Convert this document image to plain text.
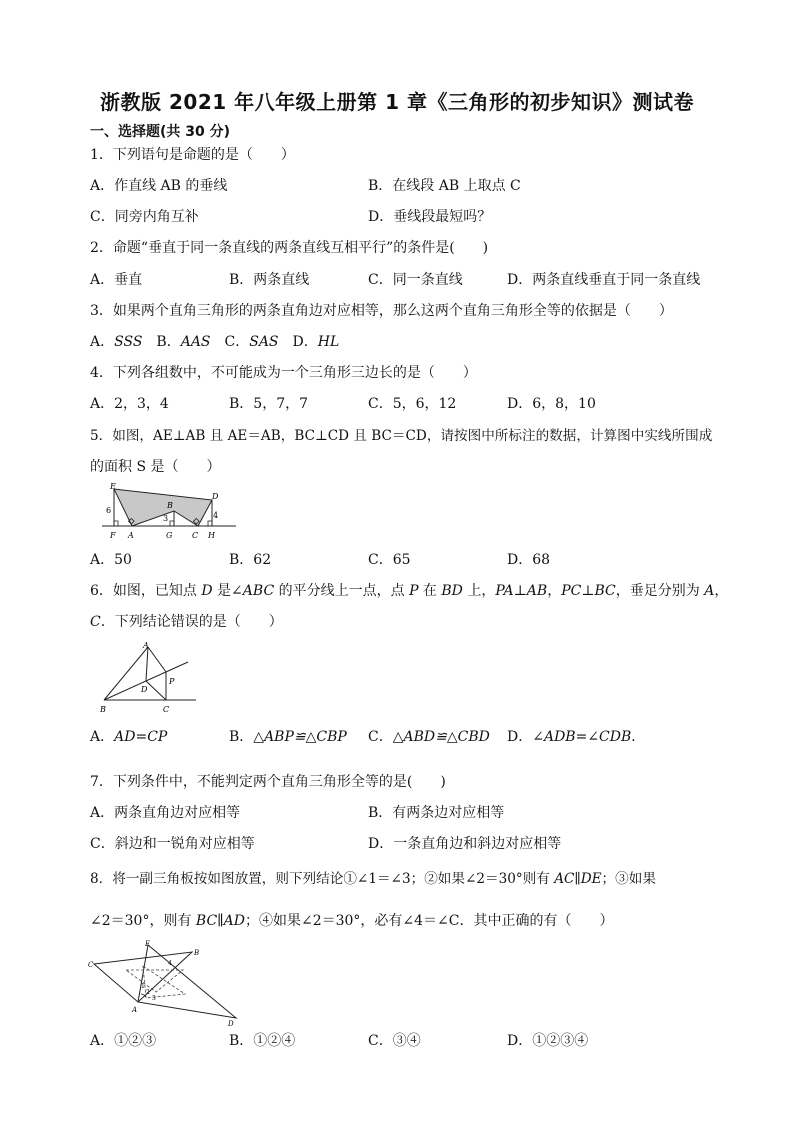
浙教版 2021 年八年级上册第 1 章《三角形的初步知识》测试卷
一、选择题(共 30 分)
1．下列语句是命题的是（　　）
A．作直线 AB 的垂线	B．在线段 AB 上取点 C
C．同旁内角互补	D．垂线段最短吗？
2．命题“垂直于同一条直线的两条直线互相平行”的条件是(　　)
A．垂直	B．两条直线	C．同一条直线	D．两条直线垂直于同一条直线
3．如果两个直角三角形的两条直角边对应相等，那么这两个直角三角形全等的依据是（　　）
A．SSS B．AAS C．SAS D．HL
4．下列各组数中，不可能成为一个三角形三边长的是（　　）
A．2，3，4	B．5，7，7	C．5，6，12	D．6，8，10
5．如图，AE⊥AB 且 AE＝AB，BC⊥CD 且 BC＝CD，请按图中所标注的数据，计算图中实线所围成
的面积 S 是（　　）
E
B
D
6
3	4
F A	G C H
A．50	B．62	C．65	D．68
6．如图，已知点 D 是∠ABC 的平分线上一点，点 P 在 BD 上，PA⊥AB，PC⊥BC，垂足分别为 A，
C．下列结论错误的是（　　）
A
D
P
B	C
A．AD=CP	B．△ABP≌△CBP C．△ABD≌△CBD D．∠ADB=∠CDB．
7．下列条件中，不能判定两个直角三角形全等的是(　　)
A．两条直角边对应相等	B．有两条边对应相等
C．斜边和一锐角对应相等	D．一条直角边和斜边对应相等
8．将一副三角板按如图放置，则下列结论①∠1＝∠3；②如果∠2＝30°则有 AC∥DE；③如果
∠2＝30°，则有 BC∥AD；④如果∠2＝30°，必有∠4＝∠C．其中正确的有（　　）
E
B
C	4
1
2
3
A
D
A．①②③	B．①②④	C．③④	D．①②③④
